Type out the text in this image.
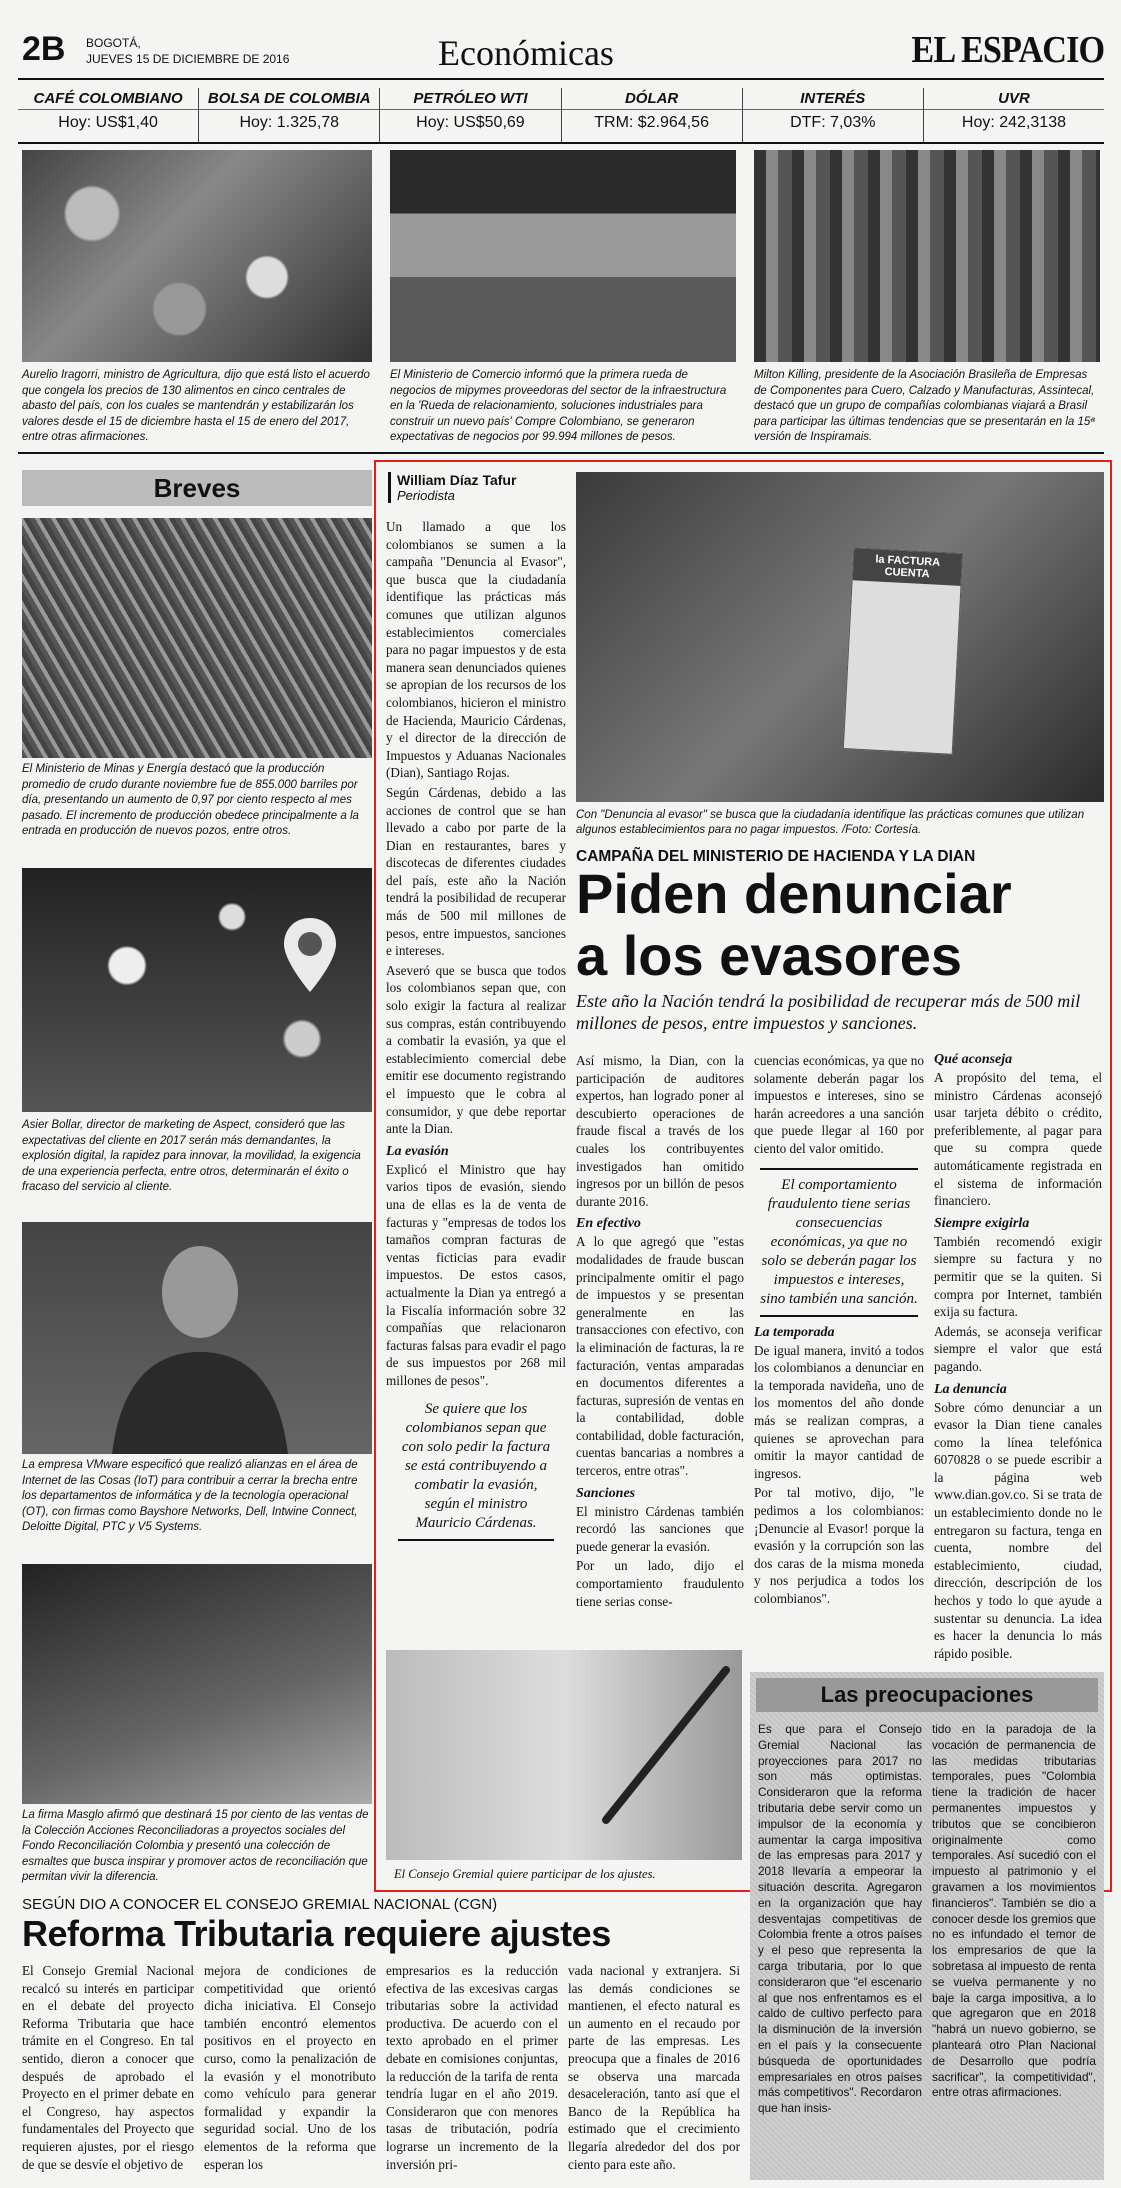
2B BOGOTÁ,
JUEVES 15 DE DICIEMBRE DE 2016	Económicas	EL ESPACIO
CAFÉ COLOMBIANO
Hoy: US$1,40
BOLSA DE COLOMBIA
Hoy: 1.325,78
PETRÓLEO WTI
Hoy: US$50,69
DÓLAR
TRM: $2.964,56
INTERÉS
DTF: 7,03%
UVR
Hoy: 242,3138
Aurelio Iragorri, ministro de Agricultura, dijo que está listo el acuerdo que congela los precios de 130 alimentos en cinco centrales de abasto del país, con los cuales se mantendrán y estabilizarán los valores desde el 15 de diciembre hasta el 15 de enero del 2017, entre otras afirmaciones.
El Ministerio de Comercio informó que la primera rueda de negocios de mipymes proveedoras del sector de la infraestructura en la 'Rueda de relacionamiento, soluciones industriales para construir un nuevo país' Compre Colombiano, se generaron expectativas de negocios por 99.994 millones de pesos.
Milton Killing, presidente de la Asociación Brasileña de Empresas de Componentes para Cuero, Calzado y Manufacturas, Assintecal, destacó que un grupo de compañías colombianas viajará a Brasil para participar las últimas tendencias que se presentarán en la 15ª versión de Inspiramais.
Breves
El Ministerio de Minas y Energía destacó que la producción promedio de crudo durante noviembre fue de 855.000 barriles por día, presentando un aumento de 0,97 por ciento respecto al mes pasado. El incremento de producción obedece principalmente a la entrada en producción de nuevos pozos, entre otros.
Asier Bollar, director de marketing de Aspect, consideró que las expectativas del cliente en 2017 serán más demandantes, la explosión digital, la rapidez para innovar, la movilidad, la exigencia de una experiencia perfecta, entre otros, determinarán el éxito o fracaso del servicio al cliente.
La empresa VMware especificó que realizó alianzas en el área de Internet de las Cosas (IoT) para contribuir a cerrar la brecha entre los departamentos de informática y de la tecnología operacional (OT), con firmas como Bayshore Networks, Dell, Intwine Connect, Deloitte Digital, PTC y V5 Systems.
La firma Masglo afirmó que destinará 15 por ciento de las ventas de la Colección Acciones Reconciliadoras a proyectos sociales del Fondo Reconciliación Colombia y presentó una colección de esmaltes que busca inspirar y promover actos de reconciliación que permitan vivir la diferencia.
William Díaz Tafur
Periodista
la FACTURA CUENTA
Con "Denuncia al evasor" se busca que la ciudadanía identifique las prácticas comunes que utilizan algunos establecimientos para no pagar impuestos. /Foto: Cortesía.
CAMPAÑA DEL MINISTERIO DE HACIENDA Y LA DIAN
Piden denunciar
a los evasores
Este año la Nación tendrá la posibilidad de recuperar más de 500 mil millones de pesos, entre impuestos y sanciones.

Un llamado a que los colombianos se sumen a la campaña "Denuncia al Evasor", que busca que la ciudadanía identifique las prácticas más comunes que utilizan algunos establecimientos comerciales para no pagar impuestos y de esta manera sean denunciados quienes se apropian de los recursos de los colombianos, hicieron el ministro de Hacienda, Mauricio Cárdenas, y el director de la dirección de Impuestos y Aduanas Nacionales (Dian), Santiago Rojas.

Según Cárdenas, debido a las acciones de control que se han llevado a cabo por parte de la Dian en restaurantes, bares y discotecas de diferentes ciudades del país, este año la Nación tendrá la posibilidad de recuperar más de 500 mil millones de pesos, entre impuestos, sanciones e intereses.

Aseveró que se busca que todos los colombianos sepan que, con solo exigir la factura al realizar sus compras, están contribuyendo a combatir la evasión, ya que el establecimiento comercial debe emitir ese documento registrando el impuesto que le cobra al consumidor, y que debe reportar ante la Dian.

La evasión

Explicó el Ministro que hay varios tipos de evasión, siendo una de ellas es la de venta de facturas y "empresas de todos los tamaños compran facturas de ventas ficticias para evadir impuestos. De estos casos, actualmente la Dian ya entregó a la Fiscalía información sobre 32 compañías que relacionaron facturas falsas para evadir el pago de sus impuestos por 268 mil millones de pesos".

Se quiere que los colombianos sepan que con solo pedir la factura se está contribuyendo a combatir la evasión, según el ministro Mauricio Cárdenas.

Así mismo, la Dian, con la participación de auditores expertos, han logrado poner al descubierto operaciones de fraude fiscal a través de los cuales los contribuyentes investigados han omitido ingresos por un billón de pesos durante 2016.

En efectivo

A lo que agregó que "estas modalidades de fraude buscan principalmente omitir el pago de impuestos y se presentan generalmente en las transacciones con efectivo, con la eliminación de facturas, la re facturación, ventas amparadas en documentos diferentes a facturas, supresión de ventas en la contabilidad, doble contabilidad, doble facturación, cuentas bancarias a nombres a terceros, entre otras".

Sanciones

El ministro Cárdenas también recordó las sanciones que puede generar la evasión.

Por un lado, dijo el comportamiento fraudulento tiene serias conse-

cuencias económicas, ya que no solamente deberán pagar los impuestos e intereses, sino se harán acreedores a una sanción que puede llegar al 160 por ciento del valor omitido.

El comportamiento fraudulento tiene serias consecuencias económicas, ya que no solo se deberán pagar los impuestos e intereses, sino también una sanción.
La temporada

De igual manera, invitó a todos los colombianos a denunciar en la temporada navideña, uno de los momentos del año donde más se realizan compras, a quienes se aprovechan para omitir la mayor cantidad de ingresos.

Por tal motivo, dijo, "le pedimos a los colombianos: ¡Denuncie al Evasor! porque la evasión y la corrupción son las dos caras de la misma moneda y nos perjudica a todos los colombianos".

Qué aconseja

A propósito del tema, el ministro Cárdenas aconsejó usar tarjeta débito o crédito, preferiblemente, al pagar para que su compra quede automáticamente registrada en el sistema de información financiero.

Siempre exigirla

También recomendó exigir siempre su factura y no permitir que se la quiten. Si compra por Internet, también exija su factura.

Además, se aconseja verificar siempre el valor que está pagando.

La denuncia

Sobre cómo denunciar a un evasor la Dian tiene canales como la línea telefónica 6070828 o se puede escribir a la página web www.dian.gov.co. Si se trata de un establecimiento donde no le entregaron su factura, tenga en cuenta, nombre del establecimiento, ciudad, dirección, descripción de los hechos y todo lo que ayude a sustentar su denuncia. La idea es hacer la denuncia lo más rápido posible.

El Consejo Gremial quiere participar de los ajustes.
Las preocupaciones
Es que para el Consejo Gremial Nacional las proyecciones para 2017 no son más optimistas. Consideraron que la reforma tributaria debe servir como un impulsor de la economía y aumentar la carga impositiva de las empresas para 2017 y 2018 llevaría a empeorar la situación descrita. Agregaron en la organización que hay desventajas competitivas de Colombia frente a otros países y el peso que representa la carga tributaria, por lo que consideraron que "el escenario al que nos enfrentamos es el caldo de cultivo perfecto para la disminución de la inversión en el país y la consecuente búsqueda de oportunidades empresariales en otros países más competitivos". Recordaron que han insis-
tido en la paradoja de la vocación de permanencia de las medidas tributarias temporales, pues "Colombia tiene la tradición de hacer permanentes impuestos y tributos que se concibieron originalmente como temporales. Así sucedió con el impuesto al patrimonio y el gravamen a los movimientos financieros". También se dio a conocer desde los gremios que no es infundado el temor de los empresarios de que la sobretasa al impuesto de renta se vuelva permanente y no baje la carga impositiva, a lo que agregaron que en 2018 "habrá un nuevo gobierno, se planteará otro Plan Nacional de Desarrollo que podría sacrificar", la competitividad", entre otras afirmaciones.
SEGÚN DIO A CONOCER EL CONSEJO GREMIAL NACIONAL (CGN)
Reforma Tributaria requiere ajustes
El Consejo Gremial Nacional recalcó su interés en participar en el debate del proyecto Reforma Tributaria que hace trámite en el Congreso. En tal sentido, dieron a conocer que después de aprobado el Proyecto en el primer debate en el Congreso, hay aspectos fundamentales del Proyecto que requieren ajustes, por el riesgo de que se desvíe el objetivo de
mejora de condiciones de competitividad que orientó dicha iniciativa. El Consejo también encontró elementos positivos en el proyecto en curso, como la penalización de la evasión y el monotributo como vehículo para generar formalidad y expandir la seguridad social. Uno de los elementos de la reforma que esperan los
empresarios es la reducción efectiva de las excesivas cargas tributarias sobre la actividad productiva. De acuerdo con el texto aprobado en el primer debate en comisiones conjuntas, la reducción de la tarifa de renta tendría lugar en el año 2019. Consideraron que con menores tasas de tributación, podría lograrse un incremento de la inversión pri-
vada nacional y extranjera. Si las demás condiciones se mantienen, el efecto natural es un aumento en el recaudo por parte de las empresas. Les preocupa que a finales de 2016 se observa una marcada desaceleración, tanto así que el Banco de la República ha estimado que el crecimiento llegaría alrededor del dos por ciento para este año.
